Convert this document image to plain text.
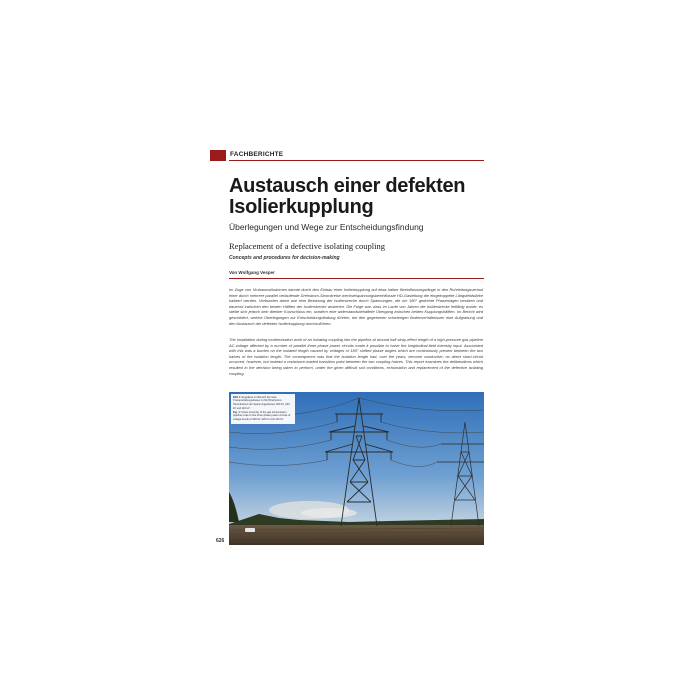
FACHBERICHTE
Austausch einer defekten
Isolierkupplung
Überlegungen und Wege zur Entscheidungsfindung
Replacement of a defective isolating coupling
Concepts and procedures for decision-making
Von Wolfgang Vesper
Im Zuge von Umbaumaßnahmen kannte durch den Einbau einer Isolierkupplung auf etwa halber Beeinflussungslänge in den Rohrleitungsverlauf einer durch mehrere parallel verlaufende Drehstrom-Stromkreise wechselspannungsbeeinflusste HD-Gasleitung die eingekoppelte Längsfeldstärke halbiert werden. Verbunden damit war eine Belastung der Isolierstrecke durch Spannungen, die um 180° gedrehte Phasenlagen besitzen und dauernd zwischen den beiden Hälften der Isolierstrecke anstehen. Die Folge war, dass im Laufe von Jahren die Isolierstrecke leitfähig wurde; es stellte sich jedoch kein direkter Kurzschluss ein, sondern eine widerstandsbehaftete Übergang zwischen beiden Kupplungshälften. Im Bericht wird geschildert, welche Überlegungen zur Entscheidungsfindung führten, bei den gegebenen schwierigen Bodenverhältnissen eine Aufgrabung und den Austausch der defekten Isolierkupplung durchzuführen.
The installation during modernization work of an isolating coupling into the pipeline at around half stray-effect length of a high-pressure gas pipeline AC-voltage affected by a number of parallel three-phase power circuits made it possible to halve the longitudinal-field intensity input. Associated with this was a burden on the isolated length caused by voltages of 180° shifted phase angles which are continuously present between the two halves of the isolation length. The consequence was that the isolation length had, over the years, become conductive; no direct short-circuit occurred, however, but instead a resistance-loaded transition point between the two coupling halves. This report examines the deliberations which resulted in the decision being taken to perform, under the given difficult soil conditions, exhumation and replacement of the defective isolating coupling.
Bild 1: Engpässe im Bereich der Gas-Transportleitungstrasse zu fünf Drehstrom-Stromkreisen der Spannungsebenen 400 kV, 220 kV und 110 kV
Fig. 1: Close proximity of the gas transmission pipeline route to five three-phase power circuits of voltage levels of 400 kV, 220 kV and 110 kV
626
